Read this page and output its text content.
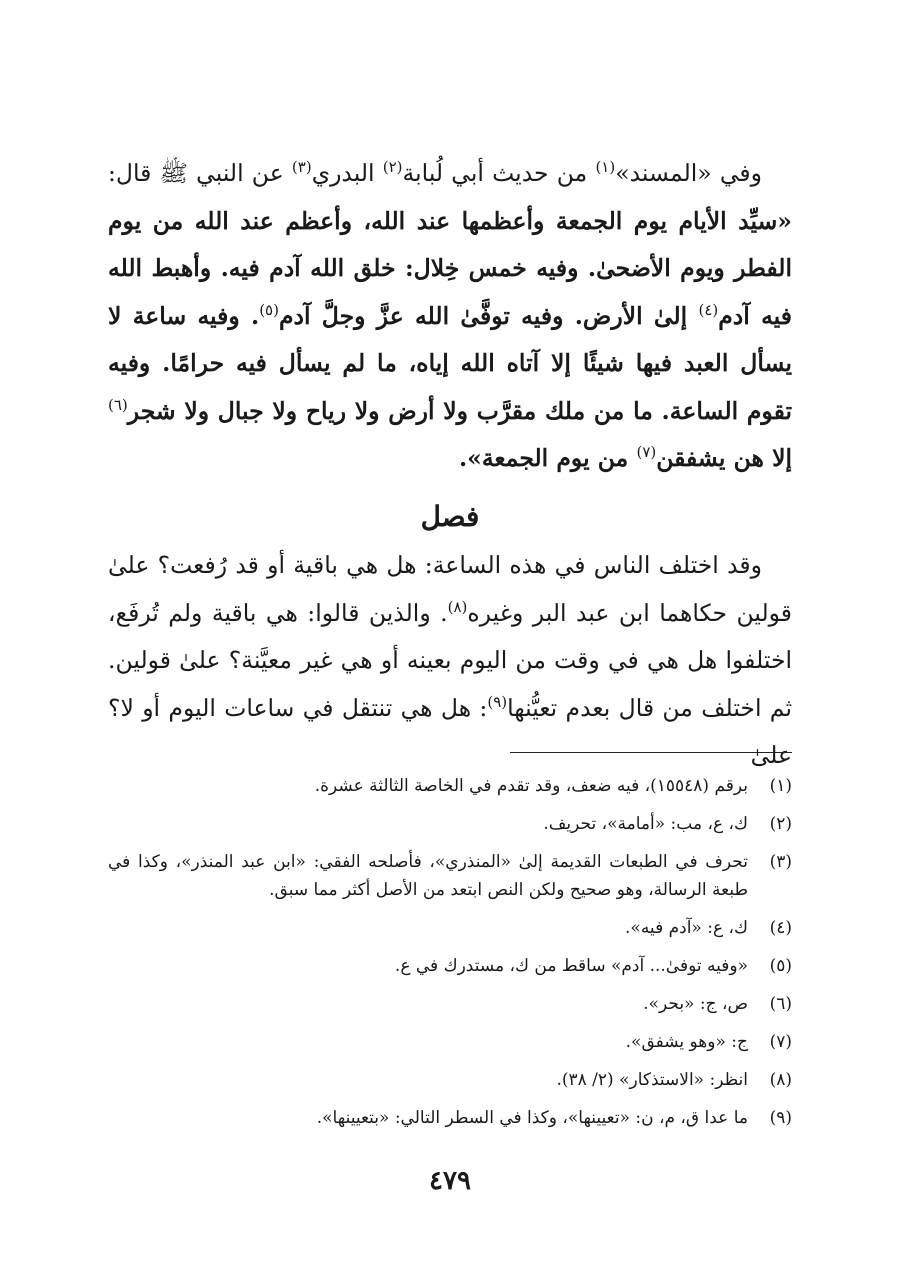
وفي «المسند»$^{(١)}$ من حديث أبي لُبابة$^{(٢)}$ البدري$^{(٣)}$ عن النبي ﷺ قال: «سيِّد الأيام يوم الجمعة وأعظمها عند الله، وأعظم عند الله من يوم الفطر ويوم الأضحىٰ. وفيه خمس خِلال: خلق الله آدم فيه. وأهبط الله فيه آدم$^{(٤)}$ إلىٰ الأرض. وفيه توفَّىٰ الله عزَّ وجلَّ آدم$^{(٥)}$. وفيه ساعة لا يسأل العبد فيها شيئًا إلا آتاه الله إياه، ما لم يسأل فيه حرامًا. وفيه تقوم الساعة. ما من ملك مقرَّب ولا أرض ولا رياح ولا جبال ولا شجر$^{(٦)}$ إلا هن يشفقن$^{(٧)}$ من يوم الجمعة».

فصل

وقد اختلف الناس في هذه الساعة: هل هي باقية أو قد رُفعت؟ علىٰ قولين حكاهما ابن عبد البر وغيره$^{(٨)}$. والذين قالوا: هي باقية ولم تُرفَع، اختلفوا هل هي في وقت من اليوم بعينه أو هي غير معيَّنة؟ علىٰ قولين. ثم اختلف من قال بعدم تعيُّنها$^{(٩)}$: هل هي تنتقل في ساعات اليوم أو لا؟ علىٰ

(١)
برقم (١٥٥٤٨)، فيه ضعف، وقد تقدم في الخاصة الثالثة عشرة.
(٢)
ك، ع، مب: «أمامة»، تحريف.
(٣)
تحرف في الطبعات القديمة إلىٰ «المنذري»، فأصلحه الفقي: «ابن عبد المنذر»، وكذا في طبعة الرسالة، وهو صحيح ولكن النص ابتعد من الأصل أكثر مما سبق.
(٤)
ك، ع: «آدم فيه».
(٥)
«وفيه توفىٰ... آدم» ساقط من ك، مستدرك في ع.
(٦)
ص، ج: «بحر».
(٧)
ج: «وهو يشفق».
(٨)
انظر: «الاستذكار» (٢/ ٣٨).
(٩)
ما عدا ق، م، ن: «تعيينها»، وكذا في السطر التالي: «بتعيينها».
٤٧٩
